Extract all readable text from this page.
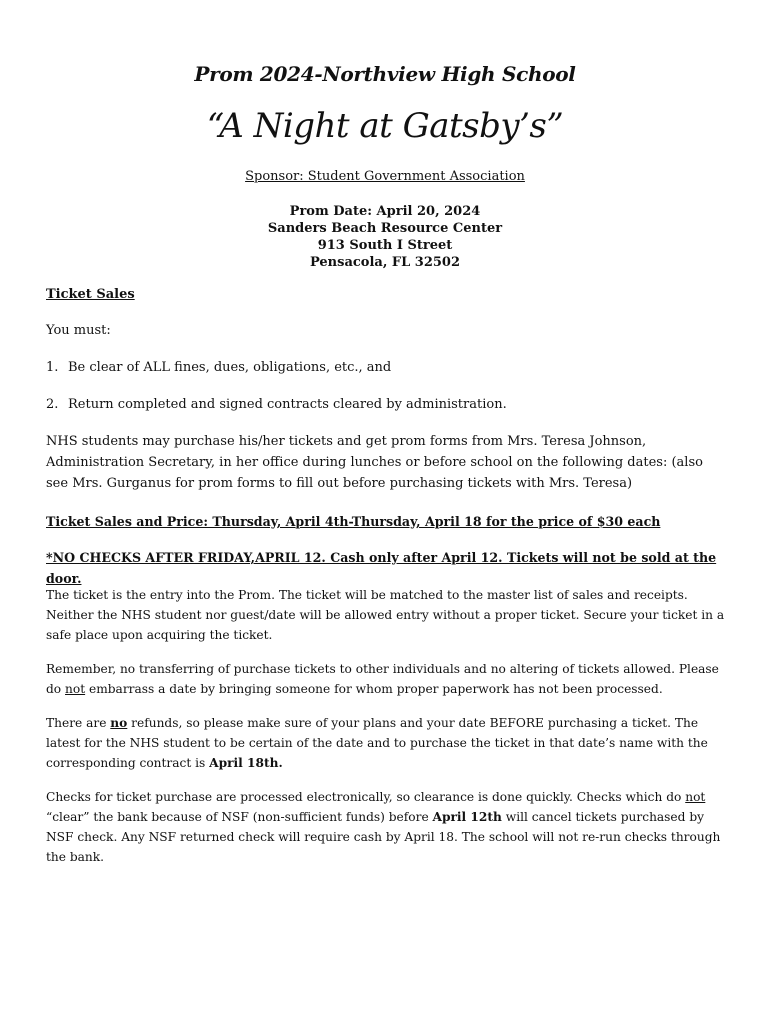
Prom 2024-Northview High School
“A Night at Gatsby’s”
Sponsor: Student Government Association
Prom Date: April 20, 2024
Sanders Beach Resource Center
913 South I Street
Pensacola, FL 32502
Ticket Sales
You must:
1. Be clear of ALL fines, dues, obligations, etc., and
2. Return completed and signed contracts cleared by administration.
NHS students may purchase his/her tickets and get prom forms from Mrs. Teresa Johnson, Administration Secretary, in her office during lunches or before school on the following dates: (also see Mrs. Gurganus for prom forms to fill out before purchasing tickets with Mrs. Teresa)
Ticket Sales and Price: Thursday, April 4th-Thursday, April 18 for the price of $30 each
*NO CHECKS AFTER FRIDAY,APRIL 12. Cash only after April 12. Tickets will not be sold at the door.
The ticket is the entry into the Prom. The ticket will be matched to the master list of sales and receipts. Neither the NHS student nor guest/date will be allowed entry without a proper ticket. Secure your ticket in a safe place upon acquiring the ticket.
Remember, no transferring of purchase tickets to other individuals and no altering of tickets allowed. Please do not embarrass a date by bringing someone for whom proper paperwork has not been processed.
There are no refunds, so please make sure of your plans and your date BEFORE purchasing a ticket. The latest for the NHS student to be certain of the date and to purchase the ticket in that date’s name with the corresponding contract is April 18th.
Checks for ticket purchase are processed electronically, so clearance is done quickly. Checks which do not “clear” the bank because of NSF (non-sufficient funds) before April 12th will cancel tickets purchased by NSF check. Any NSF returned check will require cash by April 18. The school will not re-run checks through the bank.
